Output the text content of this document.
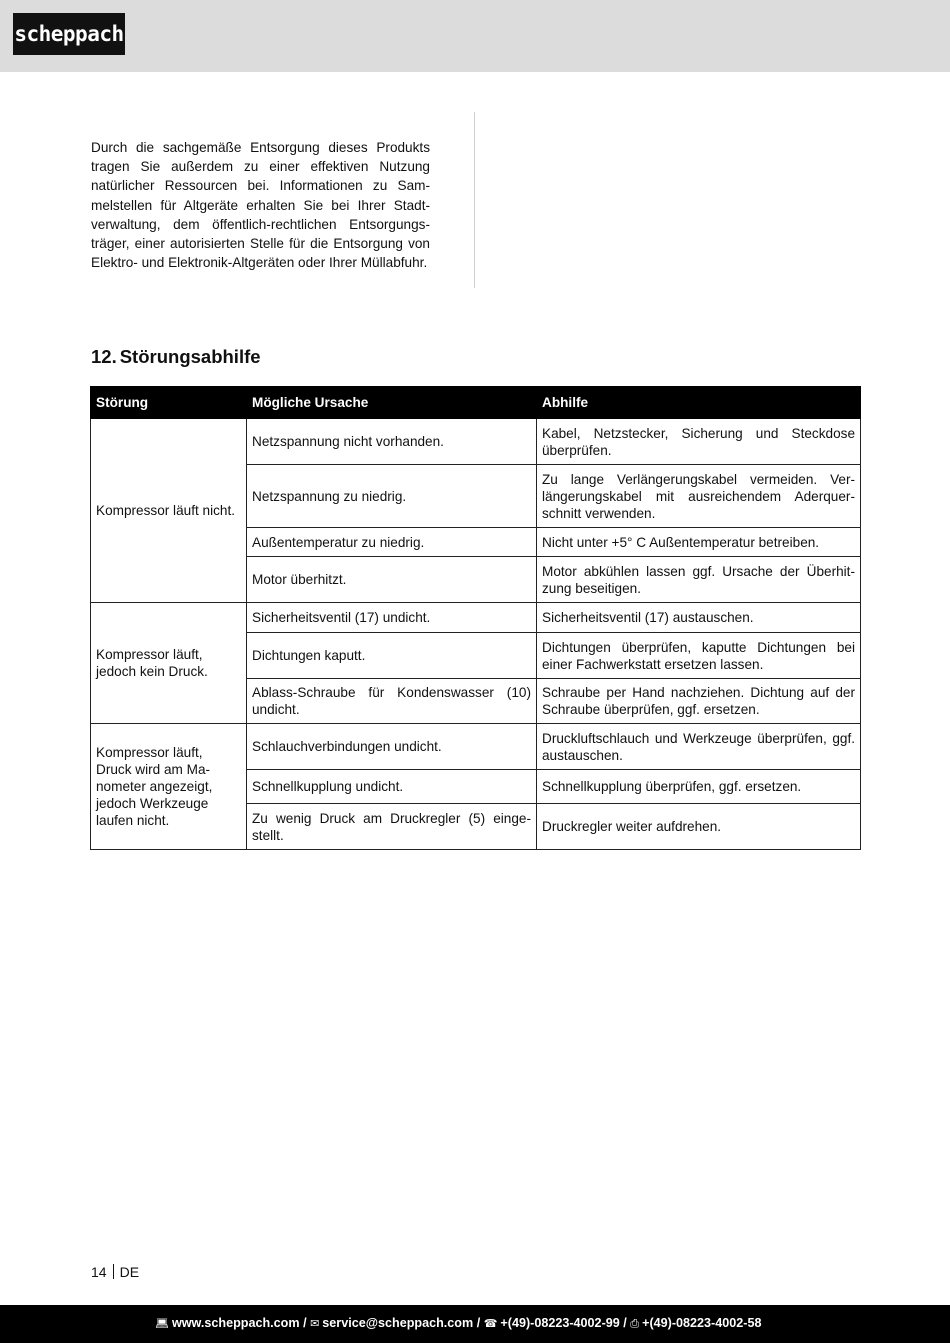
scheppach

Durch die sachgemäße Entsorgung dieses Produkts tragen Sie außerdem zu einer effektiven Nutzung natürlicher Ressourcen bei. Informationen zu Sammelstellen für Altgeräte erhalten Sie bei Ihrer Stadtverwaltung, dem öffentlich-rechtlichen Entsorgungsträger, einer autorisierten Stelle für die Entsorgung von Elektro- und Elektronik-Altgeräten oder Ihrer Müllabfuhr.

12. Störungsabhilfe
Störung	Mögliche Ursache	Abhilfe
Kompressor läuft nicht.	Netzspannung nicht vorhanden.	Kabel, Netzstecker, Sicherung und Steckdose überprüfen.
	Netzspannung zu niedrig.	Zu lange Verlängerungskabel vermeiden. Verlängerungskabel mit ausreichendem Aderquerschnitt verwenden.
	Außentemperatur zu niedrig.	Nicht unter +5° C Außentemperatur betreiben.
	Motor überhitzt.	Motor abkühlen lassen ggf. Ursache der Überhitzung beseitigen.
Kompressor läuft, jedoch kein Druck.	Sicherheitsventil (17) undicht.	Sicherheitsventil (17) austauschen.
	Dichtungen kaputt.	Dichtungen überprüfen, kaputte Dichtungen bei einer Fachwerkstatt ersetzen lassen.
	Ablass-Schraube für Kondenswasser (10) undicht.	Schraube per Hand nachziehen. Dichtung auf der Schraube überprüfen, ggf. ersetzen.
Kompressor läuft, Druck wird am Manometer angezeigt, jedoch Werkzeuge laufen nicht.	Schlauchverbindungen undicht.	Druckluftschlauch und Werkzeuge überprüfen, ggf. austauschen.
	Schnellkupplung undicht.	Schnellkupplung überprüfen, ggf. ersetzen.
	Zu wenig Druck am Druckregler (5) eingestellt.	Druckregler weiter aufdrehen.
14 DE
💻︎ www.scheppach.com / ✉︎ service@scheppach.com / ☎︎ +(49)-08223-4002-99 / ⎙ +(49)-08223-4002-58
